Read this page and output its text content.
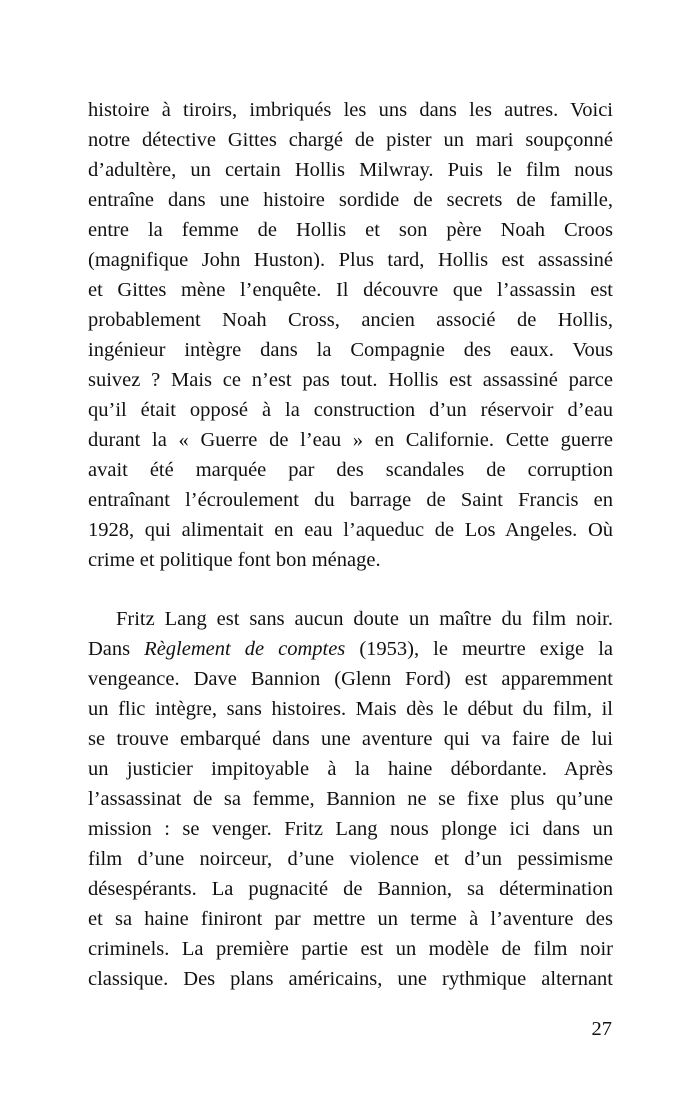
histoire à tiroirs, imbriqués les uns dans les autres. Voici
notre détective Gittes chargé de pister un mari soupçonné
d’adultère, un certain Hollis Milwray. Puis le film nous
entraîne dans une histoire sordide de secrets de famille,
entre la femme de Hollis et son père Noah Croos
(magnifique John Huston). Plus tard, Hollis est assassiné
et Gittes mène l’enquête. Il découvre que l’assassin est
probablement Noah Cross, ancien associé de Hollis,
ingénieur intègre dans la Compagnie des eaux. Vous
suivez ? Mais ce n’est pas tout. Hollis est assassiné parce
qu’il était opposé à la construction d’un réservoir d’eau
durant la « Guerre de l’eau » en Californie. Cette guerre
avait été marquée par des scandales de corruption
entraînant l’écroulement du barrage de Saint Francis en
1928, qui alimentait en eau l’aqueduc de Los Angeles. Où
crime et politique font bon ménage.
Fritz Lang est sans aucun doute un maître du film noir.
Dans Règlement de comptes (1953), le meurtre exige la
vengeance. Dave Bannion (Glenn Ford) est apparemment
un flic intègre, sans histoires. Mais dès le début du film, il
se trouve embarqué dans une aventure qui va faire de lui
un justicier impitoyable à la haine débordante. Après
l’assassinat de sa femme, Bannion ne se fixe plus qu’une
mission : se venger. Fritz Lang nous plonge ici dans un
film d’une noirceur, d’une violence et d’un pessimisme
désespérants. La pugnacité de Bannion, sa détermination
et sa haine finiront par mettre un terme à l’aventure des
criminels. La première partie est un modèle de film noir
classique. Des plans américains, une rythmique alternant
27
